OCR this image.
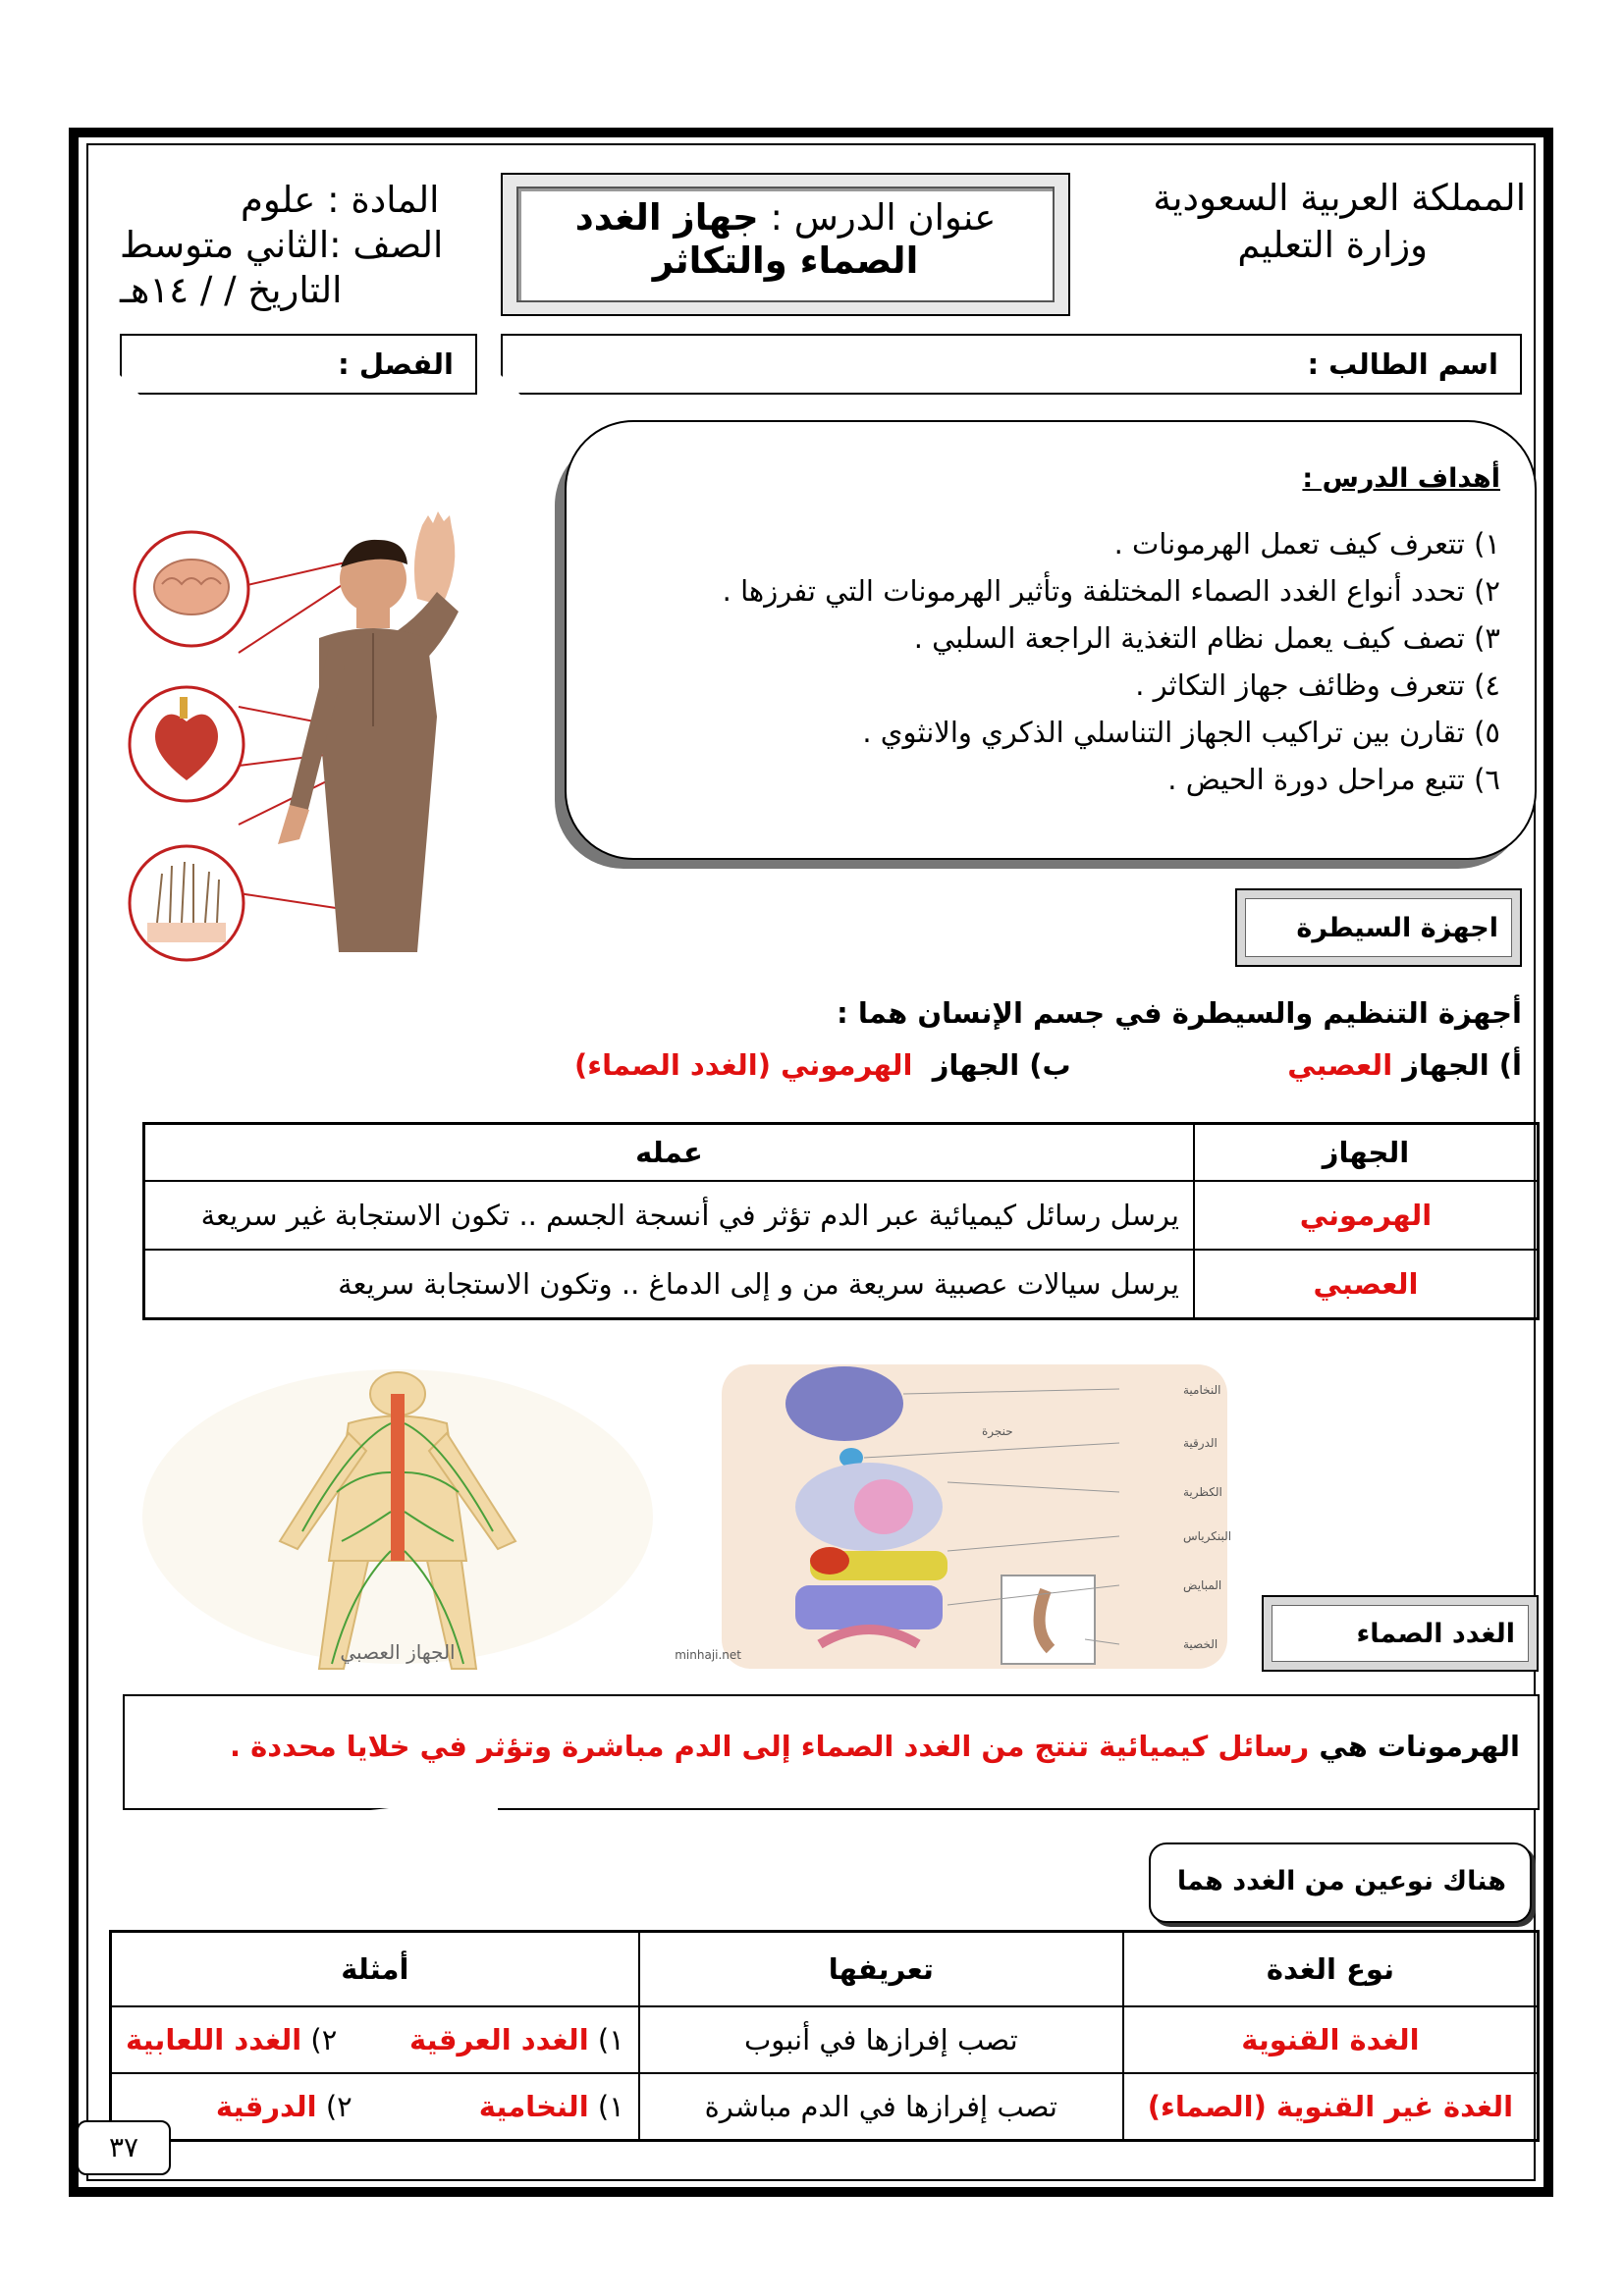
المملكة العربية السعودية
وزارة التعليم
عنوان الدرس : جهاز الغدد
الصماء والتكاثر
المادة : علوم
الصف :الثاني متوسط
التاريخ / / ١٤هـ
اسم الطالب :
الفصل :
أهداف الدرس :
١) تتعرف كيف تعمل الهرمونات .
٢) تحدد أنواع الغدد الصماء المختلفة وتأثير الهرمونات التي تفرزها .
٣) تصف كيف يعمل نظام التغذية الراجعة السلبي .
٤) تتعرف وظائف جهاز التكاثر .
٥) تقارن بين تراكيب الجهاز التناسلي الذكري والانثوي .
٦) تتبع مراحل دورة الحيض .
اجهزة السيطرة
أجهزة التنظيم والسيطرة في جسم الإنسان هما :
أ) الجهاز العصبي
ب) الجهاز  الهرموني (الغدد الصماء)
الجهاز	عمله
الهرموني	يرسل رسائل كيميائية عبر الدم تؤثر في أنسجة الجسم .. تكون الاستجابة غير سريعة
العصبي	يرسل سيالات عصبية سريعة من و إلى الدماغ .. وتكون الاستجابة سريعة
الجهاز العصبي
النخامية
حنجرة
الدرقية
الكظرية
البنكرياس
المبايض
الخصية
minhaji.net
الغدد الصماء
الهرمونات هي رسائل كيميائية تنتج من الغدد الصماء إلى الدم مباشرة وتؤثر في خلايا محددة .
هناك نوعين من الغدد هما
نوع الغدة	تعريفها	أمثلة
الغدة القنوية	تصب إفرازها في أنبوب	١) الغدد العرقية        ٢) الغدد اللعابية
الغدة غير القنوية (الصماء)	تصب إفرازها في الدم مباشرة	١) النخامية              ٢) الدرقية
٣٧
